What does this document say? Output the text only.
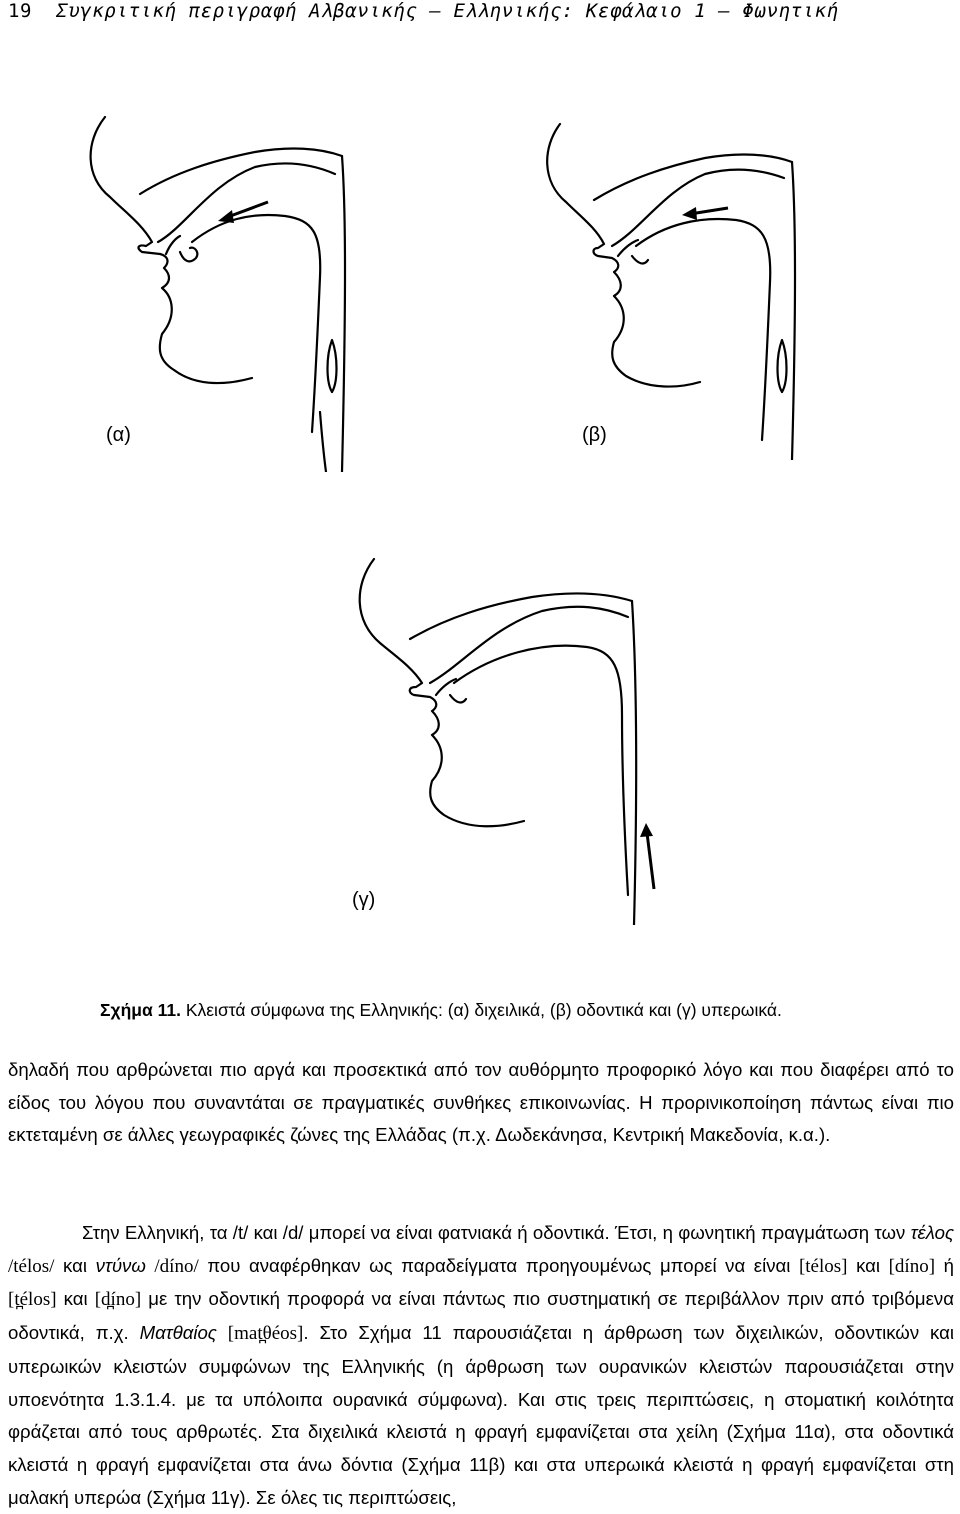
19 Συγκριτική περιγραφή Αλβανικής – Ελληνικής: Κεφάλαιο 1 – Φωνητική
(α)	(β)
(γ)
Σχήμα 11. Κλειστά σύμφωνα της Ελληνικής: (α) διχειλικά, (β) οδοντικά και (γ) υπερωικά.
δηλαδή που αρθρώνεται πιο αργά και προσεκτικά από τον αυθόρμητο προφορικό λόγο και που διαφέρει από το είδος του λόγου που συναντάται σε πραγματικές συνθήκες επικοινωνίας. Η προρινικοποίηση πάντως είναι πιο εκτεταμένη σε άλλες γεωγραφικές ζώνες της Ελλάδας (π.χ. Δωδεκάνησα, Κεντρική Μακεδονία, κ.α.).
Στην Ελληνική, τα /t/ και /d/ μπορεί να είναι φατνιακά ή οδοντικά. Έτσι, η φωνητική πραγμάτωση των τέλος /télos/ και ντύνω /díno/ που αναφέρθηκαν ως παραδείγματα προηγουμένως μπορεί να είναι [télos] και [díno] ή [t̪élos] και [d̪íno] με την οδοντική προφορά να είναι πάντως πιο συστηματική σε περιβάλλον πριν από τριβόμενα οδοντικά, π.χ. Ματθαίος [mat̪θéos]. Στο Σχήμα 11 παρουσιάζεται η άρθρωση των διχειλικών, οδοντικών και υπερωικών κλειστών συμφώνων της Ελληνικής (η άρθρωση των ουρανικών κλειστών παρουσιάζεται στην υποενότητα 1.3.1.4. με τα υπόλοιπα ουρανικά σύμφωνα). Και στις τρεις περιπτώσεις, η στοματική κοιλότητα φράζεται από τους αρθρωτές. Στα διχειλικά κλειστά η φραγή εμφανίζεται στα χείλη (Σχήμα 11α), στα οδοντικά κλειστά η φραγή εμφανίζεται στα άνω δόντια (Σχήμα 11β) και στα υπερωικά κλειστά η φραγή εμφανίζεται στη μαλακή υπερώα (Σχήμα 11γ). Σε όλες τις περιπτώσεις,
